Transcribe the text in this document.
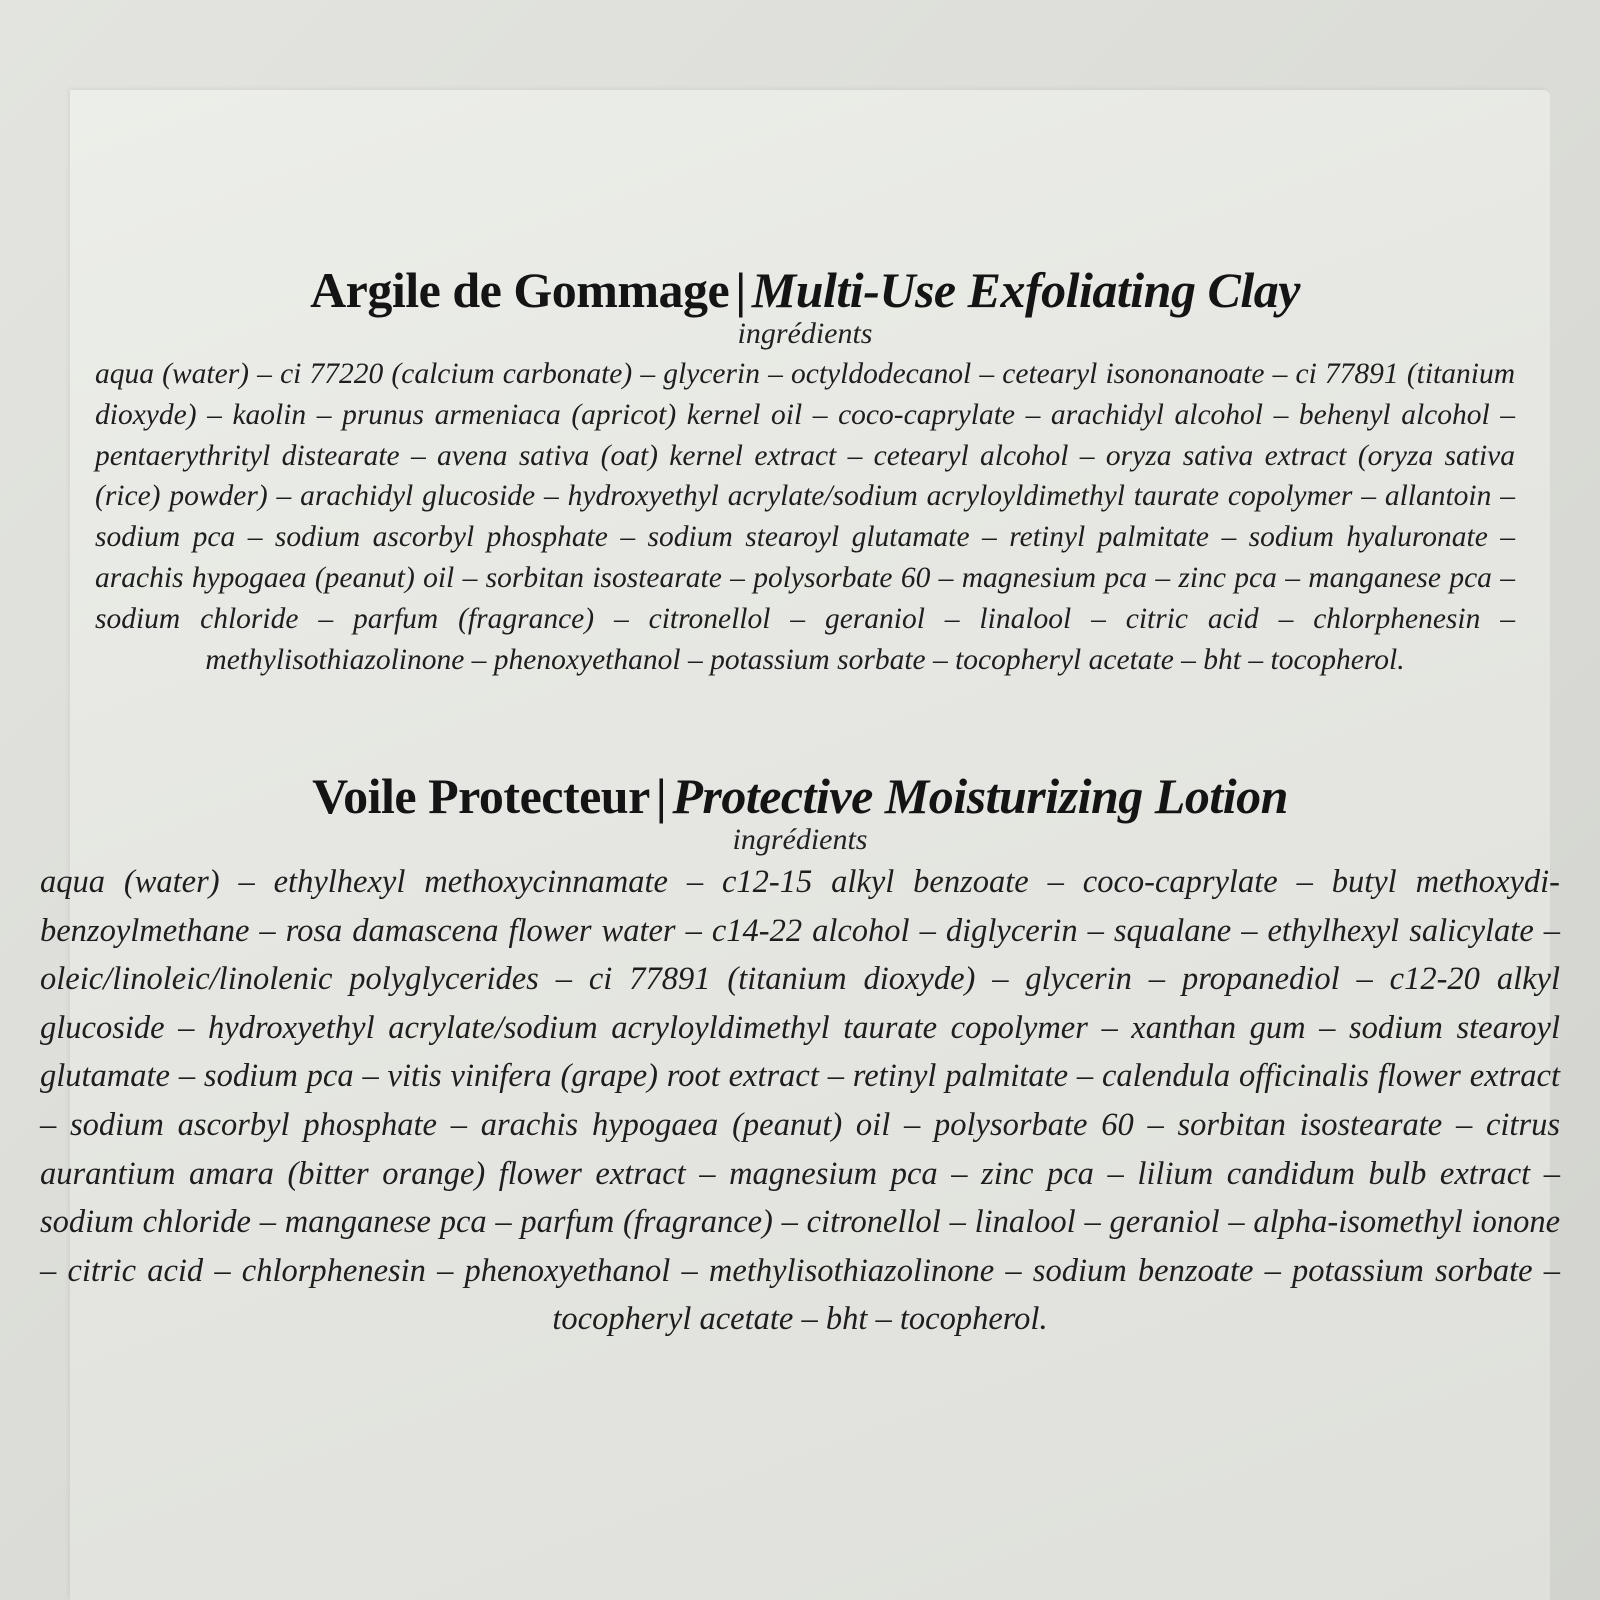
Argile de Gommage | Multi-Use Exfoliating Clay

ingrédients

aqua (water) – ci 77220 (calcium carbonate) – glycerin – octyldodecanol – cetearyl isononanoate – ci 77891 (titanium dioxyde) – kaolin – prunus armeniaca (apricot) kernel oil – coco-caprylate – arachidyl alcohol – behenyl alcohol – pentaerythrityl distearate – avena sativa (oat) kernel extract – cetearyl alcohol – oryza sativa extract (oryza sativa (rice) powder) – arachidyl glucoside – hydroxyethyl acrylate/sodium acryloyldimethyl taurate copolymer – allantoin – sodium pca – sodium ascorbyl phosphate – sodium stearoyl glutamate – retinyl palmitate – sodium hyaluronate – arachis hypogaea (peanut) oil – sorbitan isostearate – polysorbate 60 – magnesium pca – zinc pca – manganese pca – sodium chloride – parfum (fragrance) – citronellol – geraniol – linalool – citric acid – chlorphenesin – methylisothiazolinone – phenoxyethanol – potassium sorbate – tocopheryl acetate – bht – tocopherol.

Voile Protecteur | Protective Moisturizing Lotion

ingrédients

aqua (water) – ethylhexyl methoxycinnamate – c12-15 alkyl benzoate – coco-caprylate – butyl methoxydi-benzoylmethane – rosa damascena flower water – c14-22 alcohol – diglycerin – squalane – ethylhexyl salicylate – oleic/linoleic/linolenic polyglycerides – ci 77891 (titanium dioxyde) – glycerin – propanediol – c12-20 alkyl glucoside – hydroxyethyl acrylate/sodium acryloyldimethyl taurate copolymer – xanthan gum – sodium stearoyl glutamate – sodium pca – vitis vinifera (grape) root extract – retinyl palmitate – calendula officinalis flower extract – sodium ascorbyl phosphate – arachis hypogaea (peanut) oil – polysorbate 60 – sorbitan isostearate – citrus aurantium amara (bitter orange) flower extract – magnesium pca – zinc pca – lilium candidum bulb extract – sodium chloride – manganese pca – parfum (fragrance) – citronellol – linalool – geraniol – alpha-isomethyl ionone – citric acid – chlorphenesin – phenoxyethanol – methylisothiazolinone – sodium benzoate – potassium sorbate – tocopheryl acetate – bht – tocopherol.
